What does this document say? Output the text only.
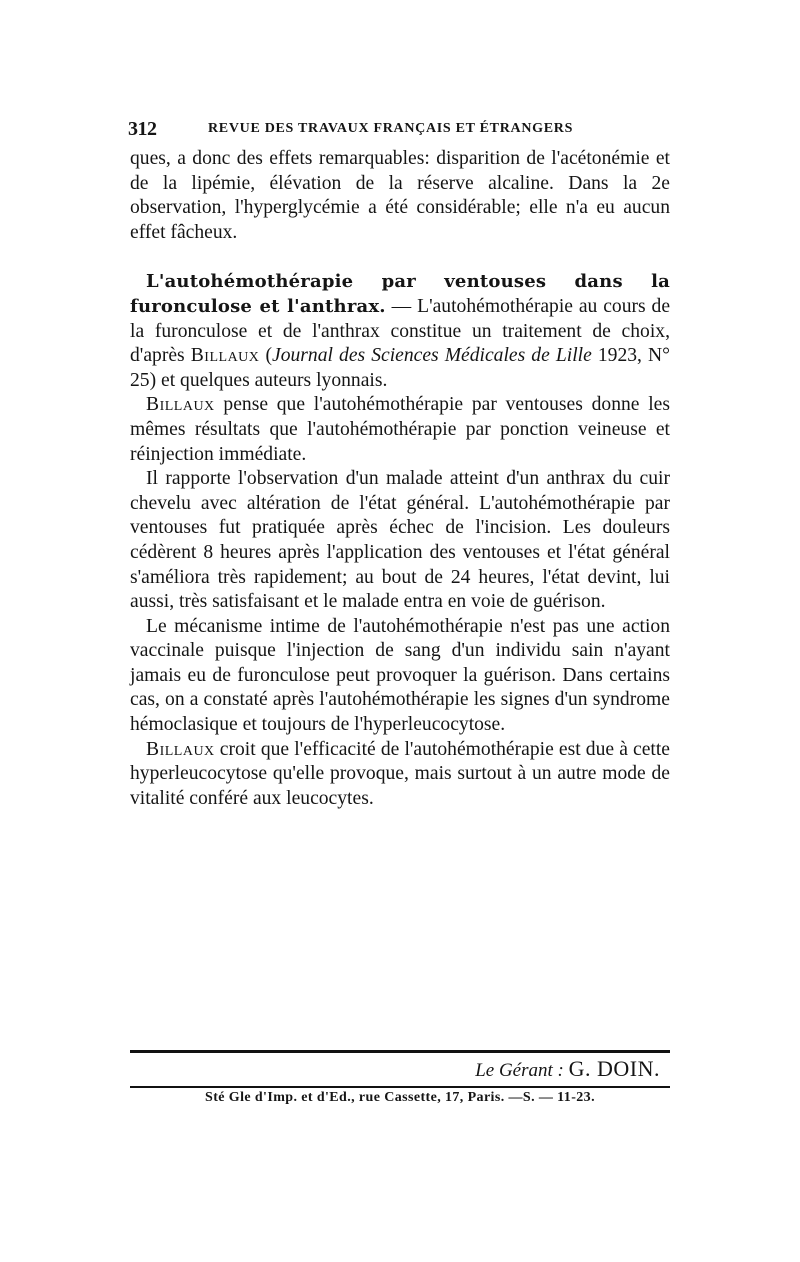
312	REVUE DES TRAVAUX FRANÇAIS ET ÉTRANGERS

ques, a donc des effets remarquables: disparition de l'acétonémie et de la lipémie, élévation de la réserve alcaline. Dans la 2e observation, l'hyperglycémie a été considérable; elle n'a eu aucun effet fâcheux.

L'autohémothérapie par ventouses dans la furonculose et l'anthrax. — L'autohémothérapie au cours de la furonculose et de l'anthrax constitue un traitement de choix, d'après Billaux (Journal des Sciences Médicales de Lille 1923, N° 25) et quelques auteurs lyonnais.

Billaux pense que l'autohémothérapie par ventouses donne les mêmes résultats que l'autohémothérapie par ponction veineuse et réinjection immédiate.

Il rapporte l'observation d'un malade atteint d'un anthrax du cuir chevelu avec altération de l'état général. L'autohémothérapie par ventouses fut pratiquée après échec de l'incision. Les douleurs cédèrent 8 heures après l'application des ventouses et l'état général s'améliora très rapidement; au bout de 24 heures, l'état devint, lui aussi, très satisfaisant et le malade entra en voie de guérison.

Le mécanisme intime de l'autohémothérapie n'est pas une action vaccinale puisque l'injection de sang d'un individu sain n'ayant jamais eu de furonculose peut provoquer la guérison. Dans certains cas, on a constaté après l'autohémothérapie les signes d'un syndrome hémoclasique et toujours de l'hyperleucocytose.

Billaux croit que l'efficacité de l'autohémothérapie est due à cette hyperleucocytose qu'elle provoque, mais surtout à un autre mode de vitalité conféré aux leucocytes.

Le Gérant : G. DOIN.
Sté Gle d'Imp. et d'Ed., rue Cassette, 17, Paris. —S. — 11-23.
